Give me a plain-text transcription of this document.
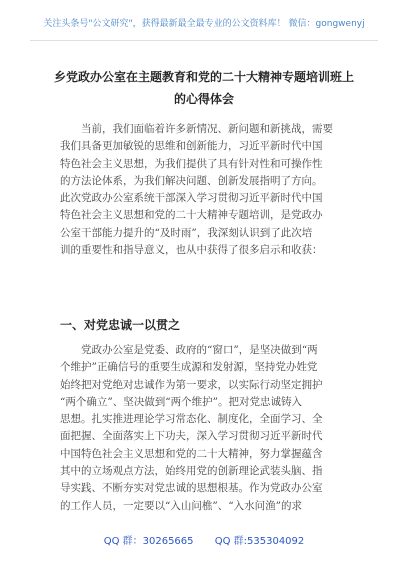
关注头条号"公文研究"，获得最新最全最专业的公文资料库！ 微信：gongwenyj
乡党政办公室在主题教育和党的二十大精神专题培训班上
的心得体会
当前，我们面临着许多新情况、新问题和新挑战，需要
我们具备更加敏锐的思维和创新能力，习近平新时代中国
特色社会主义思想，为我们提供了具有针对性和可操作性
的方法论体系，为我们解决问题、创新发展指明了方向。
此次党政办公室系统干部深入学习贯彻习近平新时代中国
特色社会主义思想和党的二十大精神专题培训，是党政办
公室干部能力提升的“及时雨”，我深刻认识到了此次培
训的重要性和指导意义，也从中获得了很多启示和收获：
一、对党忠诚一以贯之
党政办公室是党委、政府的“窗口”，是坚决做到“两
个维护”正确信号的重要生成源和发射源，坚持党办姓党
始终把对党绝对忠诚作为第一要求，以实际行动坚定拥护
“两个确立”、坚决做到“两个维护”。把对党忠诚铸入
思想。扎实推进理论学习常态化、制度化，全面学习、全
面把握、全面落实上下功夫，深入学习贯彻习近平新时代
中国特色社会主义思想和党的二十大精神，努力掌握蕴含
其中的立场观点方法，始终用党的创新理论武装头脑、指
导实践、不断夯实对党忠诚的思想根基。作为党政办公室
的工作人员，一定要以“入山问樵”、“入水问渔”的求
QQ 群：30265665 QQ 群:535304092
